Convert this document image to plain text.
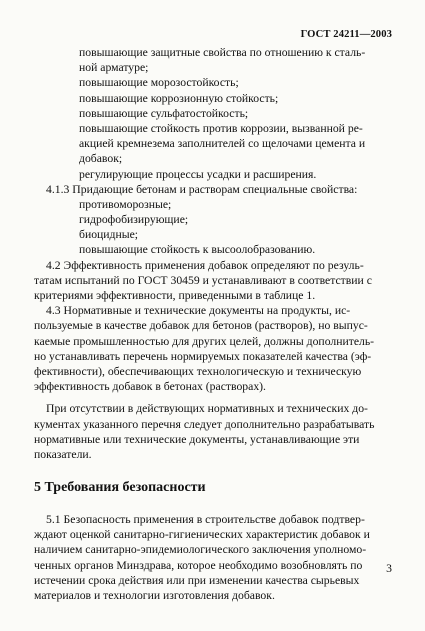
ГОСТ 24211—2003
повышающие защитные свойства по отношению к сталь-
ной арматуре;
повышающие морозостойкость;
повышающие коррозионную стойкость;
повышающие сульфатостойкость;
повышающие стойкость против коррозии, вызванной ре-
акцией кремнезема заполнителей со щелочами цемента и
добавок;
регулирующие процессы усадки и расширения.
4.1.3 Придающие бетонам и растворам специальные свойства:
противоморозные;
гидрофобизирующие;
биоцидные;
повышающие стойкость к высоолобразованию.
4.2 Эффективность применения добавок определяют по резуль-
татам испытаний по ГОСТ 30459 и устанавливают в соответствии с
критериями эффективности, приведенными в таблице 1.
4.3 Нормативные и технические документы на продукты, ис-
пользуемые в качестве добавок для бетонов (растворов), но выпус-
каемые промышленностью для других целей, должны дополнитель-
но устанавливать перечень нормируемых показателей качества (эф-
фективности), обеспечивающих технологическую и техническую
эффективность добавок в бетонах (растворах).
При отсутствии в действующих нормативных и технических до-
кументах указанного перечня следует дополнительно разрабатывать
нормативные или технические документы, устанавливающие эти
показатели.
5 Требования безопасности
5.1 Безопасность применения в строительстве добавок подтвер-
ждают оценкой санитарно-гигиенических характеристик добавок и
наличием санитарно-эпидемиологического заключения уполномо-
ченных органов Минздрава, которое необходимо возобновлять по
истечении срока действия или при изменении качества сырьевых
материалов и технологии изготовления добавок.
3
